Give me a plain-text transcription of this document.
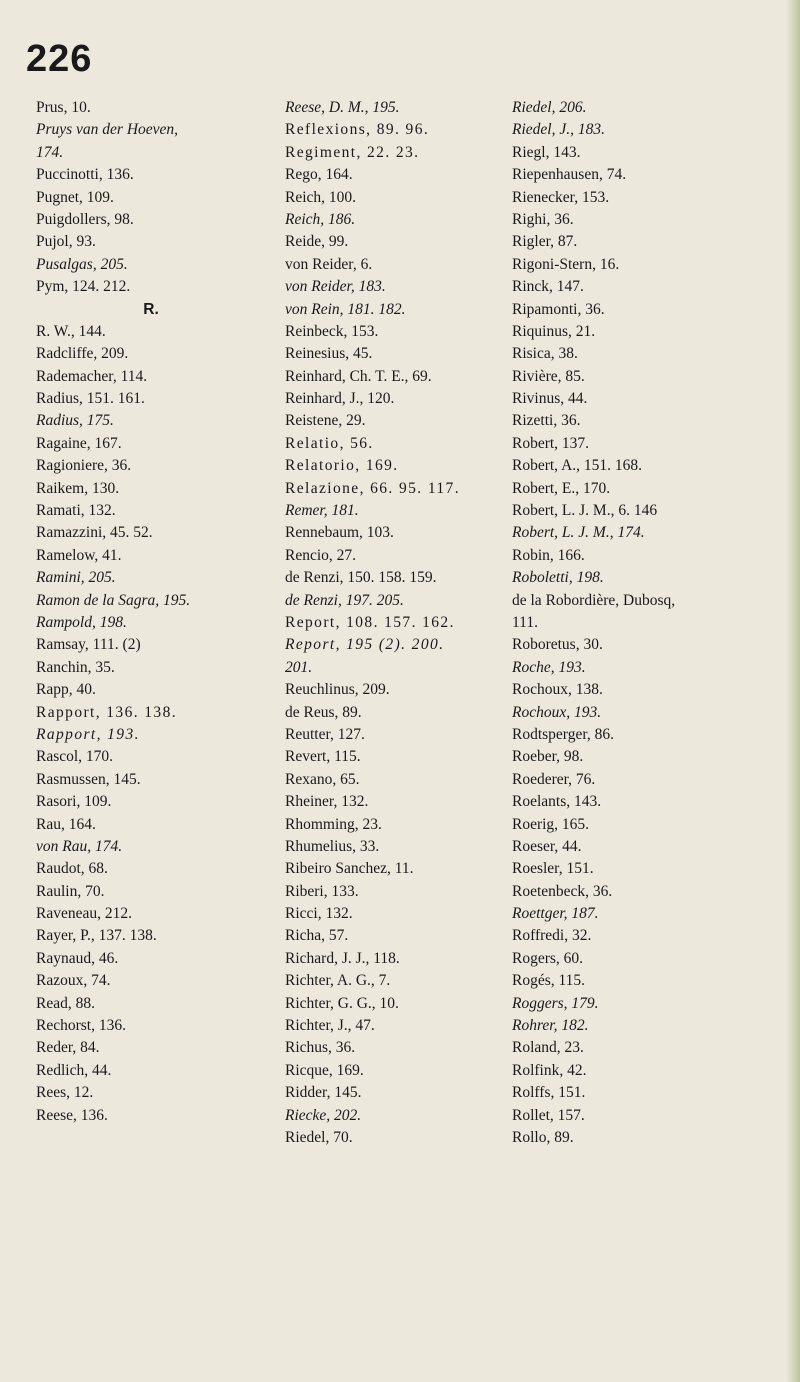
226
Prus, 10.
Pruys van der Hoeven,
174.
Puccinotti, 136.
Pugnet, 109.
Puigdollers, 98.
Pujol, 93.
Pusalgas, 205.
Pym, 124. 212.
R.
R. W., 144.
Radcliffe, 209.
Rademacher, 114.
Radius, 151. 161.
Radius, 175.
Ragaine, 167.
Ragioniere, 36.
Raikem, 130.
Ramati, 132.
Ramazzini, 45. 52.
Ramelow, 41.
Ramini, 205.
Ramon de la Sagra, 195.
Rampold, 198.
Ramsay, 111. (2)
Ranchin, 35.
Rapp, 40.
Rapport, 136. 138.
Rapport, 193.
Rascol, 170.
Rasmussen, 145.
Rasori, 109.
Rau, 164.
von Rau, 174.
Raudot, 68.
Raulin, 70.
Raveneau, 212.
Rayer, P., 137. 138.
Raynaud, 46.
Razoux, 74.
Read, 88.
Rechorst, 136.
Reder, 84.
Redlich, 44.
Rees, 12.
Reese, 136.
Reese, D. M., 195.
Reflexions, 89. 96.
Regiment, 22. 23.
Rego, 164.
Reich, 100.
Reich, 186.
Reide, 99.
von Reider, 6.
von Reider, 183.
von Rein, 181. 182.
Reinbeck, 153.
Reinesius, 45.
Reinhard, Ch. T. E., 69.
Reinhard, J., 120.
Reistene, 29.
Relatio, 56.
Relatorio, 169.
Relazione, 66. 95. 117.
Remer, 181.
Rennebaum, 103.
Rencio, 27.
de Renzi, 150. 158. 159.
de Renzi, 197. 205.
Report, 108. 157. 162.
Report, 195 (2). 200.
201.
Reuchlinus, 209.
de Reus, 89.
Reutter, 127.
Revert, 115.
Rexano, 65.
Rheiner, 132.
Rhomming, 23.
Rhumelius, 33.
Ribeiro Sanchez, 11.
Riberi, 133.
Ricci, 132.
Richa, 57.
Richard, J. J., 118.
Richter, A. G., 7.
Richter, G. G., 10.
Richter, J., 47.
Richus, 36.
Ricque, 169.
Ridder, 145.
Riecke, 202.
Riedel, 70.
Riedel, 206.
Riedel, J., 183.
Riegl, 143.
Riepenhausen, 74.
Rienecker, 153.
Righi, 36.
Rigler, 87.
Rigoni-Stern, 16.
Rinck, 147.
Ripamonti, 36.
Riquinus, 21.
Risica, 38.
Rivière, 85.
Rivinus, 44.
Rizetti, 36.
Robert, 137.
Robert, A., 151. 168.
Robert, E., 170.
Robert, L. J. M., 6. 146
Robert, L. J. M., 174.
Robin, 166.
Roboletti, 198.
de la Robordière, Dubosq,
111.
Roboretus, 30.
Roche, 193.
Rochoux, 138.
Rochoux, 193.
Rodtsperger, 86.
Roeber, 98.
Roederer, 76.
Roelants, 143.
Roerig, 165.
Roeser, 44.
Roesler, 151.
Roetenbeck, 36.
Roettger, 187.
Roffredi, 32.
Rogers, 60.
Rogés, 115.
Roggers, 179.
Rohrer, 182.
Roland, 23.
Rolfink, 42.
Rolffs, 151.
Rollet, 157.
Rollo, 89.
